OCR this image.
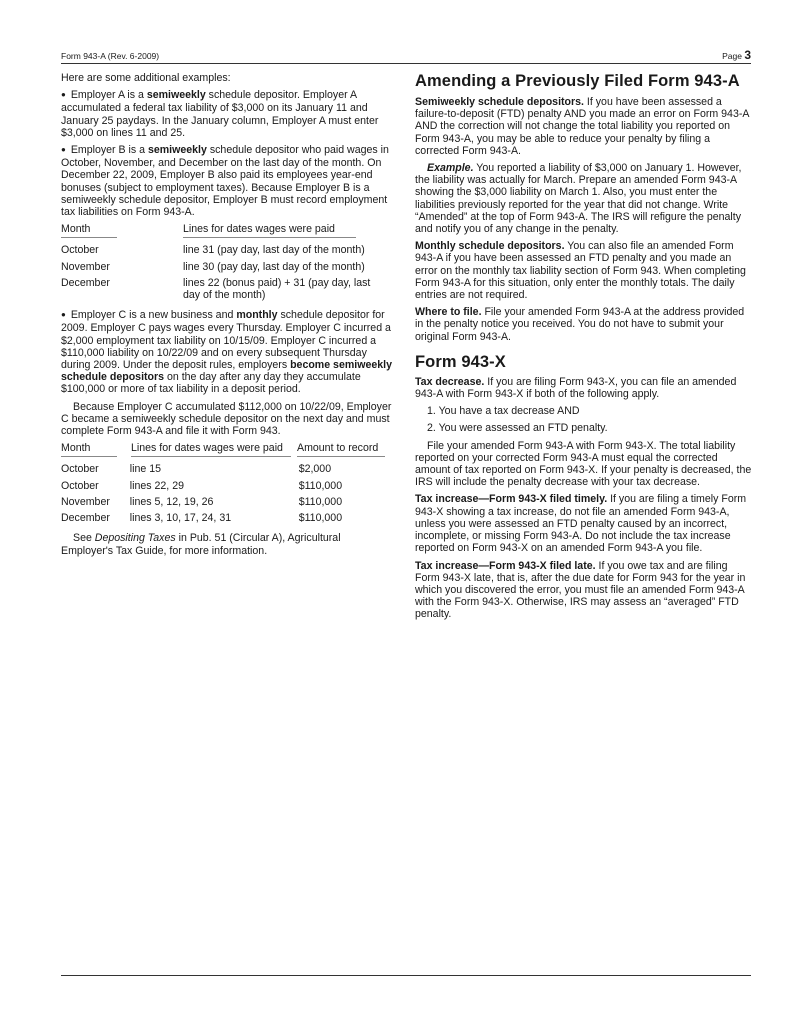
Form 943-A (Rev. 6-2009)	Page 3

Here are some additional examples:

● Employer A is a semiweekly schedule depositor. Employer A accumulated a federal tax liability of $3,000 on its January 11 and January 25 paydays. In the January column, Employer A must enter $3,000 on lines 11 and 25.

● Employer B is a semiweekly schedule depositor who paid wages in October, November, and December on the last day of the month. On December 22, 2009, Employer B also paid its employees year-end bonuses (subject to employment taxes). Because Employer B is a semiweekly schedule depositor, Employer B must record employment tax liabilities on Form 943-A.

Month	Lines for dates wages were paid
October	line 31 (pay day, last day of the month)
November	line 30 (pay day, last day of the month)
December	lines 22 (bonus paid) + 31 (pay day, last day of the month)

● Employer C is a new business and monthly schedule depositor for 2009. Employer C pays wages every Thursday. Employer C incurred a $2,000 employment tax liability on 10/15/09. Employer C incurred a $110,000 liability on 10/22/09 and on every subsequent Thursday during 2009. Under the deposit rules, employers become semiweekly schedule depositors on the day after any day they accumulate $100,000 or more of tax liability in a deposit period.

Because Employer C accumulated $112,000 on 10/22/09, Employer C became a semiweekly schedule depositor on the next day and must complete Form 943-A and file it with Form 943.

Month	Lines for dates wages were paid	Amount to record
October	line 15	$2,000
October	lines 22, 29	$110,000
November	lines 5, 12, 19, 26	$110,000
December	lines 3, 10, 17, 24, 31	$110,000

See Depositing Taxes in Pub. 51 (Circular A), Agricultural Employer's Tax Guide, for more information.

Amending a Previously Filed Form 943-A

Semiweekly schedule depositors. If you have been assessed a failure-to-deposit (FTD) penalty AND you made an error on Form 943-A AND the correction will not change the total liability you reported on Form 943-A, you may be able to reduce your penalty by filing a corrected Form 943-A.

Example. You reported a liability of $3,000 on January 1. However, the liability was actually for March. Prepare an amended Form 943-A showing the $3,000 liability on March 1. Also, you must enter the liabilities previously reported for the year that did not change. Write “Amended” at the top of Form 943-A. The IRS will refigure the penalty and notify you of any change in the penalty.

Monthly schedule depositors. You can also file an amended Form 943-A if you have been assessed an FTD penalty and you made an error on the monthly tax liability section of Form 943. When completing Form 943-A for this situation, only enter the monthly totals. The daily entries are not required.

Where to file. File your amended Form 943-A at the address provided in the penalty notice you received. You do not have to submit your original Form 943-A.

Form 943-X

Tax decrease. If you are filing Form 943-X, you can file an amended 943-A with Form 943-X if both of the following apply.

1. You have a tax decrease AND
2. You were assessed an FTD penalty.

File your amended Form 943-A with Form 943-X. The total liability reported on your corrected Form 943-A must equal the corrected amount of tax reported on Form 943-X. If your penalty is decreased, the IRS will include the penalty decrease with your tax decrease.

Tax increase—Form 943-X filed timely. If you are filing a timely Form 943-X showing a tax increase, do not file an amended Form 943-A, unless you were assessed an FTD penalty caused by an incorrect, incomplete, or missing Form 943-A. Do not include the tax increase reported on Form 943-X on an amended Form 943-A you file.

Tax increase—Form 943-X filed late. If you owe tax and are filing Form 943-X late, that is, after the due date for Form 943 for the year in which you discovered the error, you must file an amended Form 943-A with the Form 943-X. Otherwise, IRS may assess an “averaged” FTD penalty.
